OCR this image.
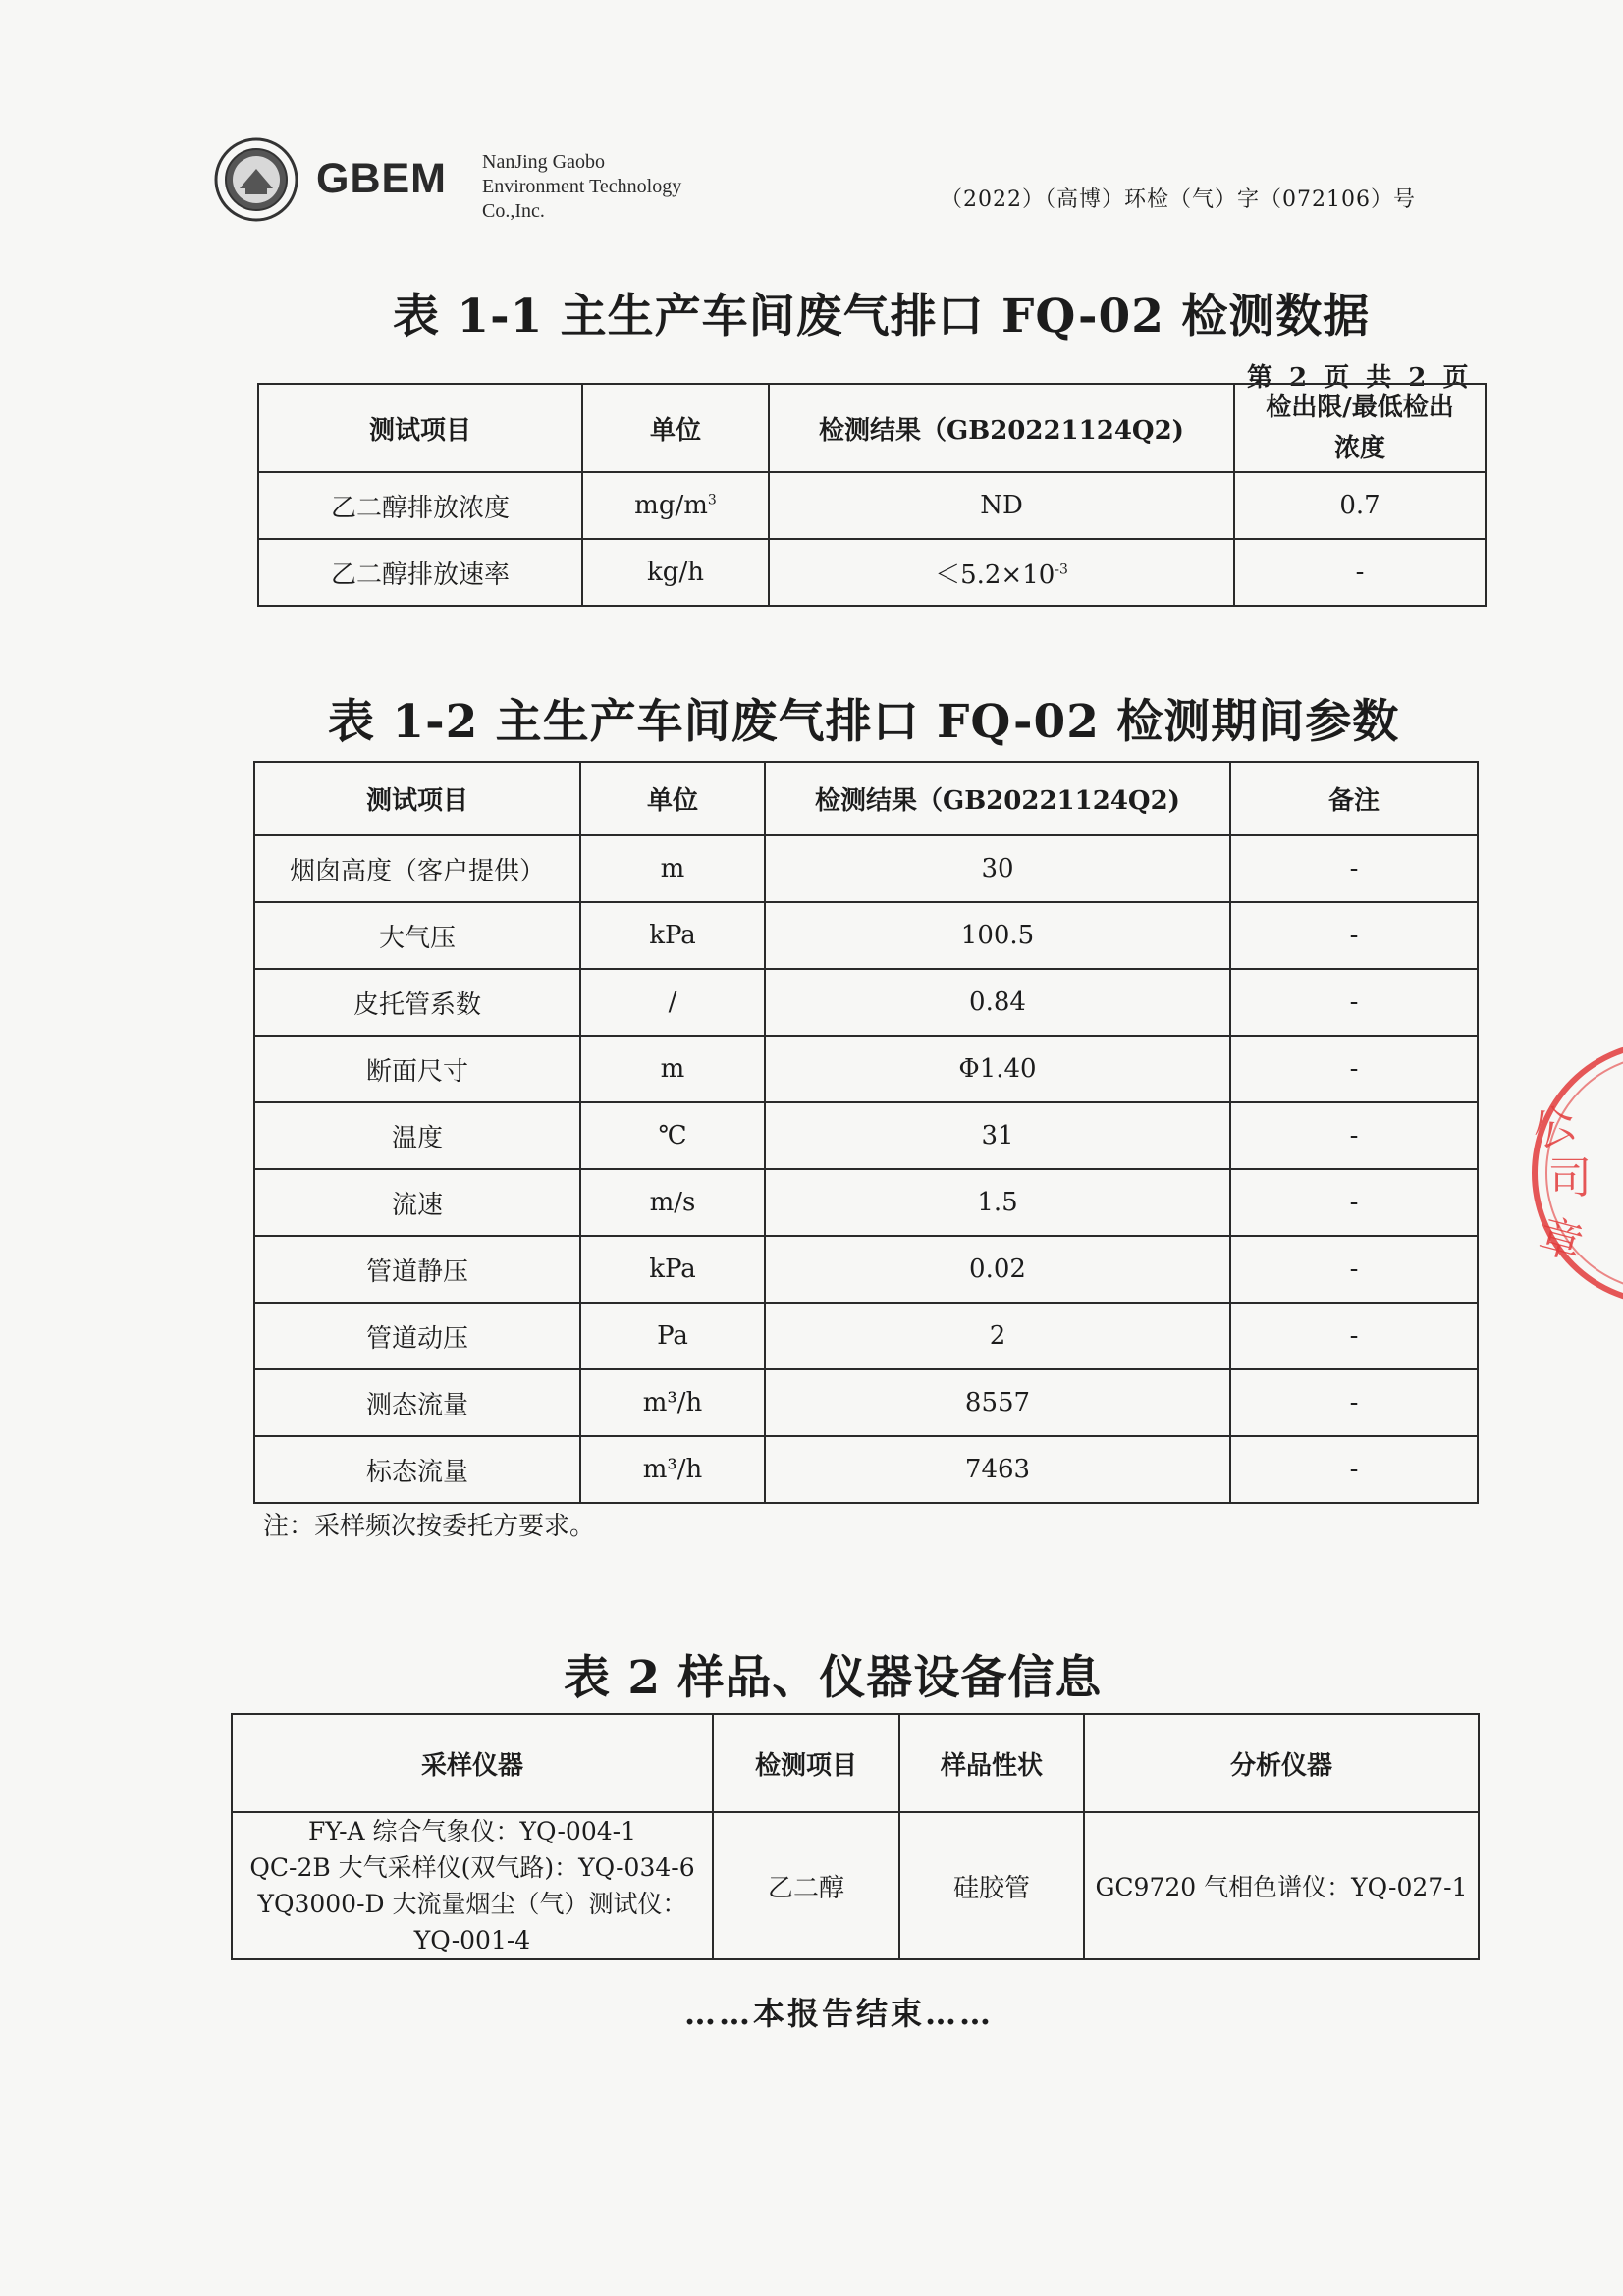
GBEM NanJing Gaobo
Environment Technology
Co.,Inc.	（2022）（高博）环检（气）字（072106）号
表 1-1 主生产车间废气排口 FQ-02 检测数据
第 2 页 共 2 页
测试项目	单位	检测结果（GB20221124Q2)	检出限/最低检出浓度
乙二醇排放浓度	$mg/m^3$	ND	0.7
乙二醇排放速率	kg/h	$<5.2\times 10^{-3}$	-
表 1-2 主生产车间废气排口 FQ-02 检测期间参数
测试项目	单位	检测结果（GB20221124Q2)	备注
烟囱高度（客户提供）	m	30	-
大气压	kPa	100.5	-
皮托管系数	/	0.84	-
断面尺寸	m	Φ1.40	-
温度	℃	31	-
流速	m/s	1.5	-
管道静压	kPa	0.02	-
管道动压	Pa	2	-
测态流量	m³/h	8557	-
标态流量	m³/h	7463	-
注：采样频次按委托方要求。
表 2 样品、仪器设备信息
采样仪器	检测项目	样品性状	分析仪器

FY-A 综合气象仪：YQ-004-1
QC-2B 大气采样仪(双气路)：YQ-034-6
YQ3000-D 大流量烟尘（气）测试仪：
YQ-001-4	乙二醇	硅胶管	GC9720 气相色谱仪：YQ-027-1
……本报告结束……
公
司
章
